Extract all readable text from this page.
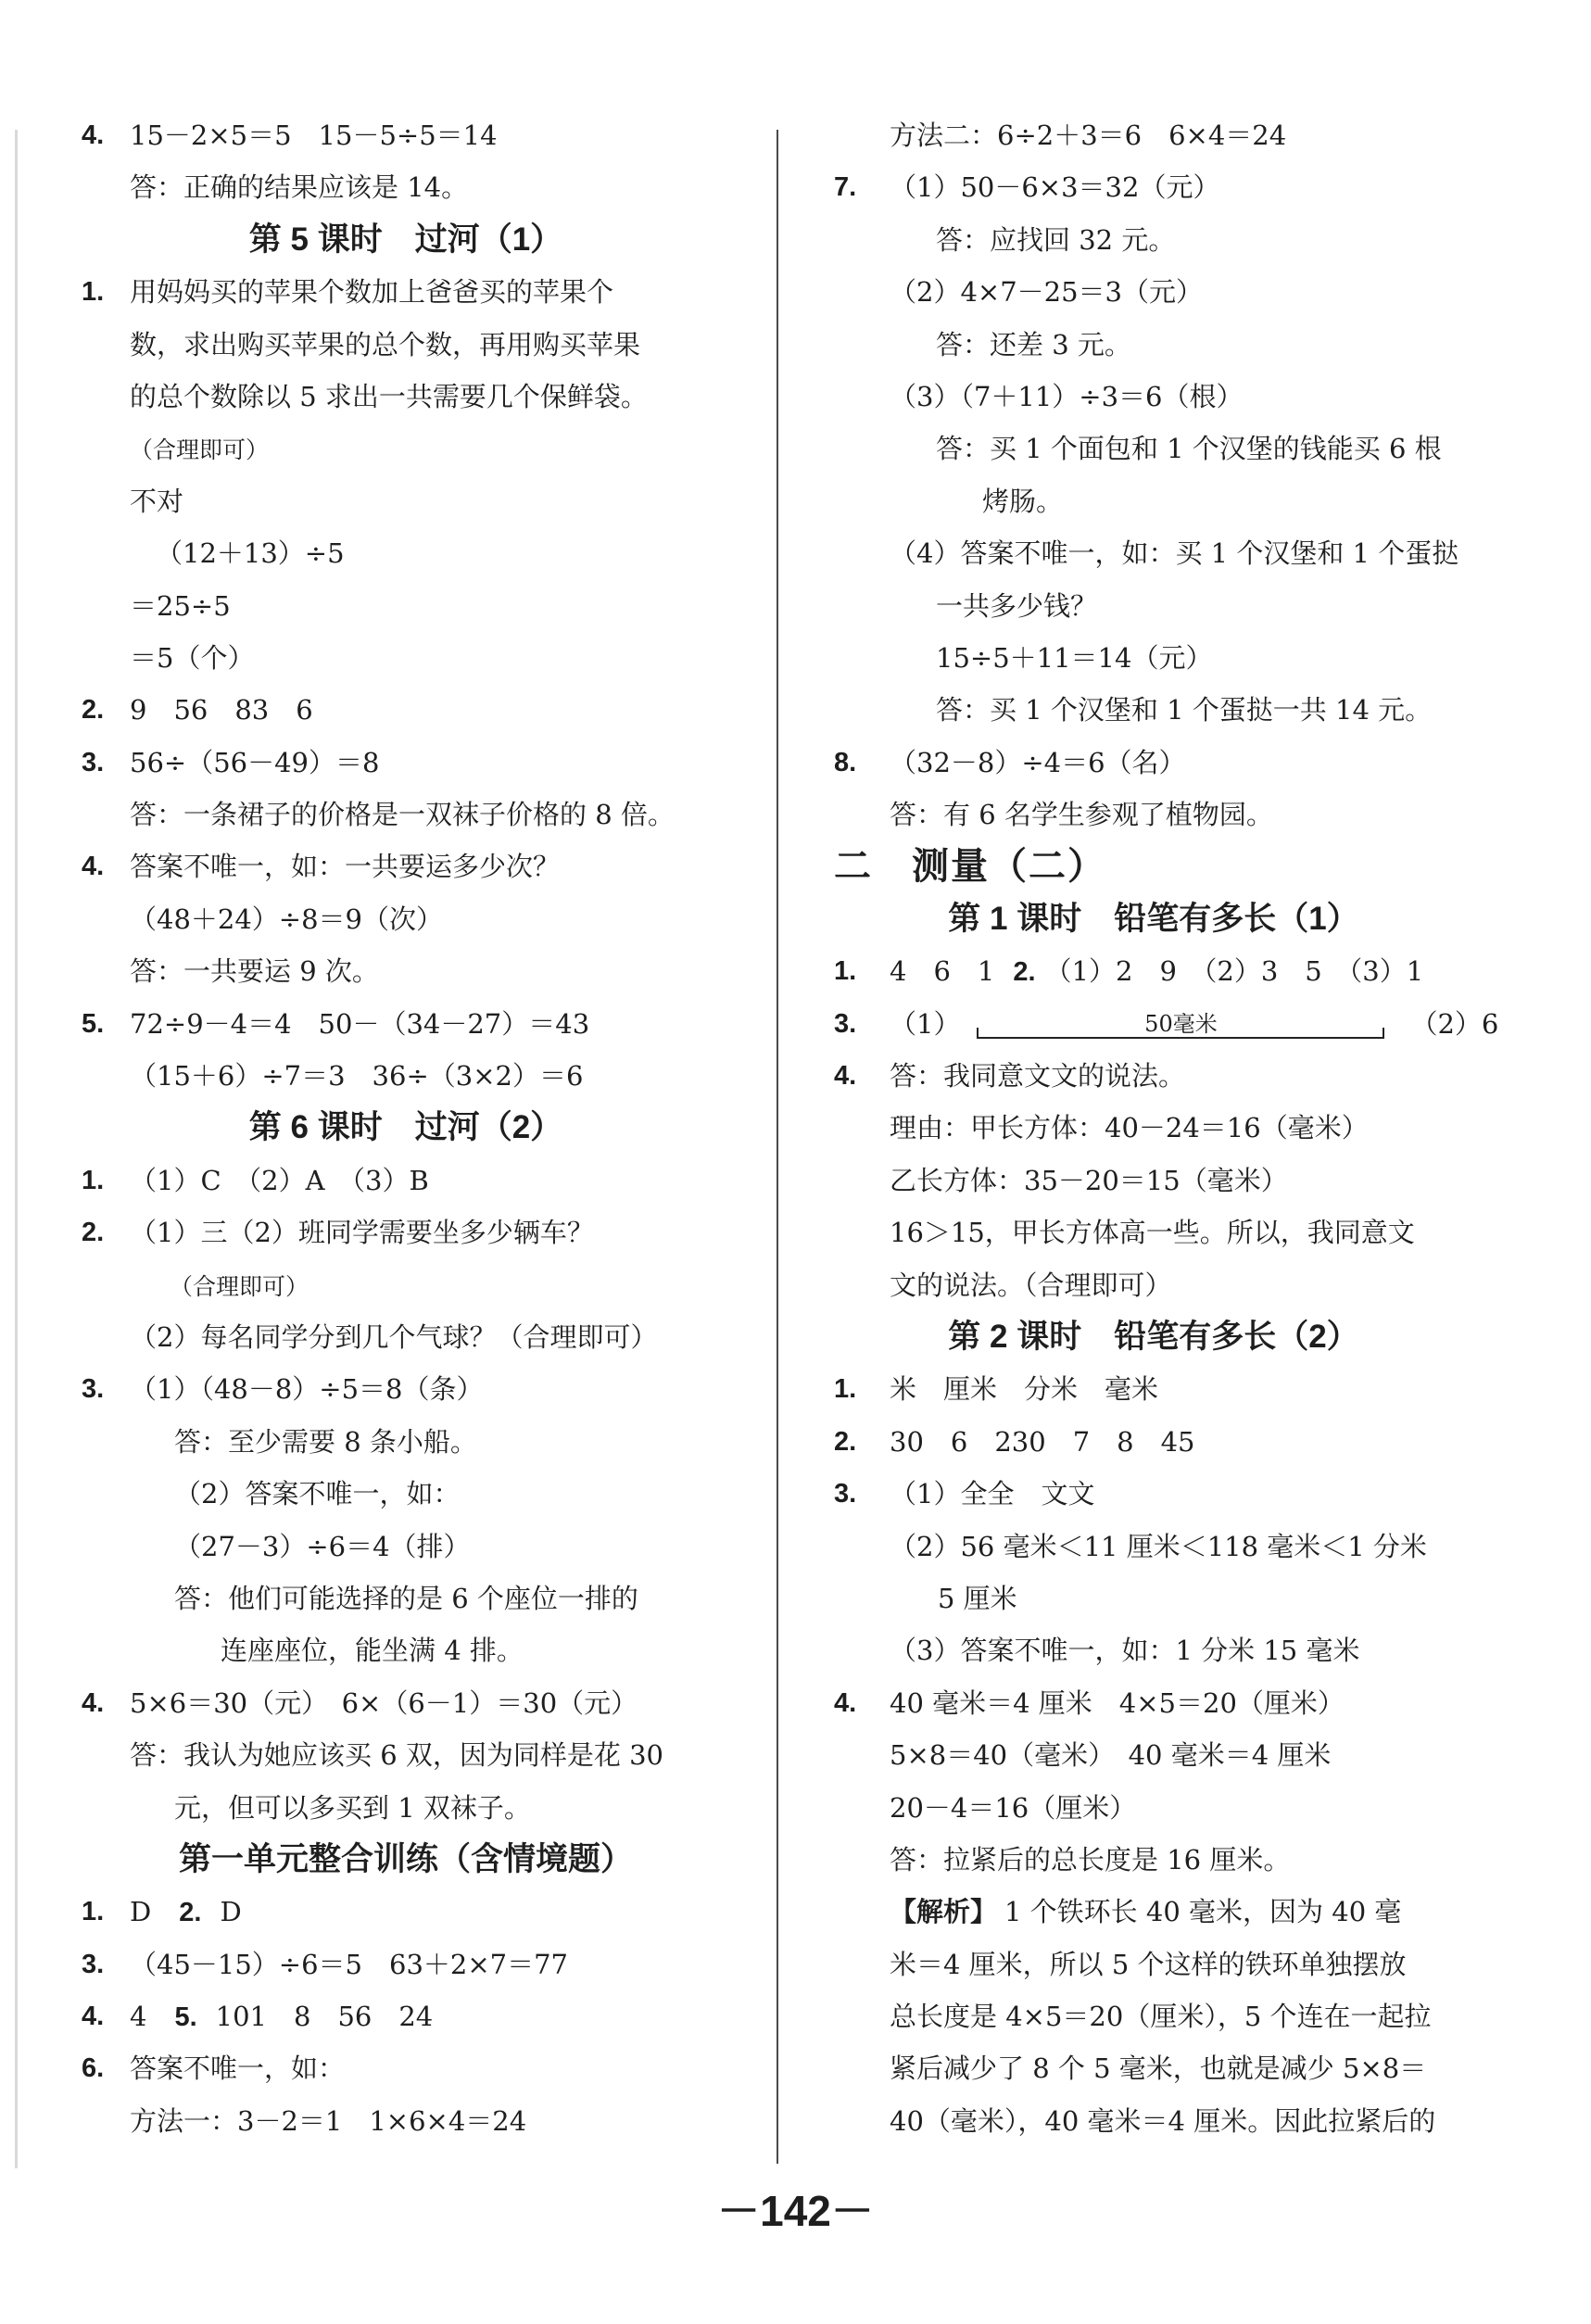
4. 15－2×5＝5　15－5÷5＝14
答：正确的结果应该是 14。
第 5 课时　过河（1）
1. 用妈妈买的苹果个数加上爸爸买的苹果个
数，求出购买苹果的总个数，再用购买苹果
的总个数除以 5 求出一共需要几个保鲜袋。
（合理即可）
不对
（12＋13）÷5
＝25÷5
＝5（个）
2. 9　56　83　6
3. 56÷（56－49）＝8
答：一条裙子的价格是一双袜子价格的 8 倍。
4. 答案不唯一，如：一共要运多少次？
（48＋24）÷8＝9（次）
答：一共要运 9 次。
5. 72÷9－4＝4　50－（34－27）＝43
（15＋6）÷7＝3　36÷（3×2）＝6
第 6 课时　过河（2）
1. （1）C　（2）A　（3）B
2. （1）三（2）班同学需要坐多少辆车？
（合理即可）
（2）每名同学分到几个气球？（合理即可）
3. （1）（48－8）÷5＝8（条）
答：至少需要 8 条小船。
（2）答案不唯一，如：
（27－3）÷6＝4（排）
答：他们可能选择的是 6 个座位一排的
连座座位，能坐满 4 排。
4. 5×6＝30（元）　6×（6－1）＝30（元）
答：我认为她应该买 6 双，因为同样是花 30
元，但可以多买到 1 双袜子。
第一单元整合训练（含情境题）
1. D 2. D
3. （45－15）÷6＝5　63＋2×7＝77
4. 4 5. 101　8　56　24
6. 答案不唯一，如：
方法一：3－2＝1　1×6×4＝24
方法二：6÷2＋3＝6　6×4＝24
7. （1）50－6×3＝32（元）
答：应找回 32 元。
（2）4×7－25＝3（元）
答：还差 3 元。
（3）（7＋11）÷3＝6（根）
答：买 1 个面包和 1 个汉堡的钱能买 6 根
烤肠。
（4）答案不唯一，如：买 1 个汉堡和 1 个蛋挞
一共多少钱？
15÷5＋11＝14（元）
答：买 1 个汉堡和 1 个蛋挞一共 14 元。
8. （32－8）÷4＝6（名）
答：有 6 名学生参观了植物园。
二　测量（二）
第 1 课时　铅笔有多长（1）
1. 4　6　1 2. （1）2　9　（2）3　5　（3）1
3. （1）	50毫米	（2）6
4. 答：我同意文文的说法。
理由：甲长方体：40－24＝16（毫米）
乙长方体：35－20＝15（毫米）
16＞15，甲长方体高一些。所以，我同意文
文的说法。（合理即可）
第 2 课时　铅笔有多长（2）
1. 米　厘米　分米　毫米
2. 30　6　230　7　8　45
3. （1）全全　文文
（2）56 毫米＜11 厘米＜118 毫米＜1 分米
5 厘米
（3）答案不唯一，如：1 分米 15 毫米
4. 40 毫米＝4 厘米　4×5＝20（厘米）
5×8＝40（毫米）　40 毫米＝4 厘米
20－4＝16（厘米）
答：拉紧后的总长度是 16 厘米。
【解析】 1 个铁环长 40 毫米，因为 40 毫
米＝4 厘米，所以 5 个这样的铁环单独摆放
总长度是 4×5＝20（厘米），5 个连在一起拉
紧后减少了 8 个 5 毫米，也就是减少 5×8＝
40（毫米），40 毫米＝4 厘米。因此拉紧后的
－142－
